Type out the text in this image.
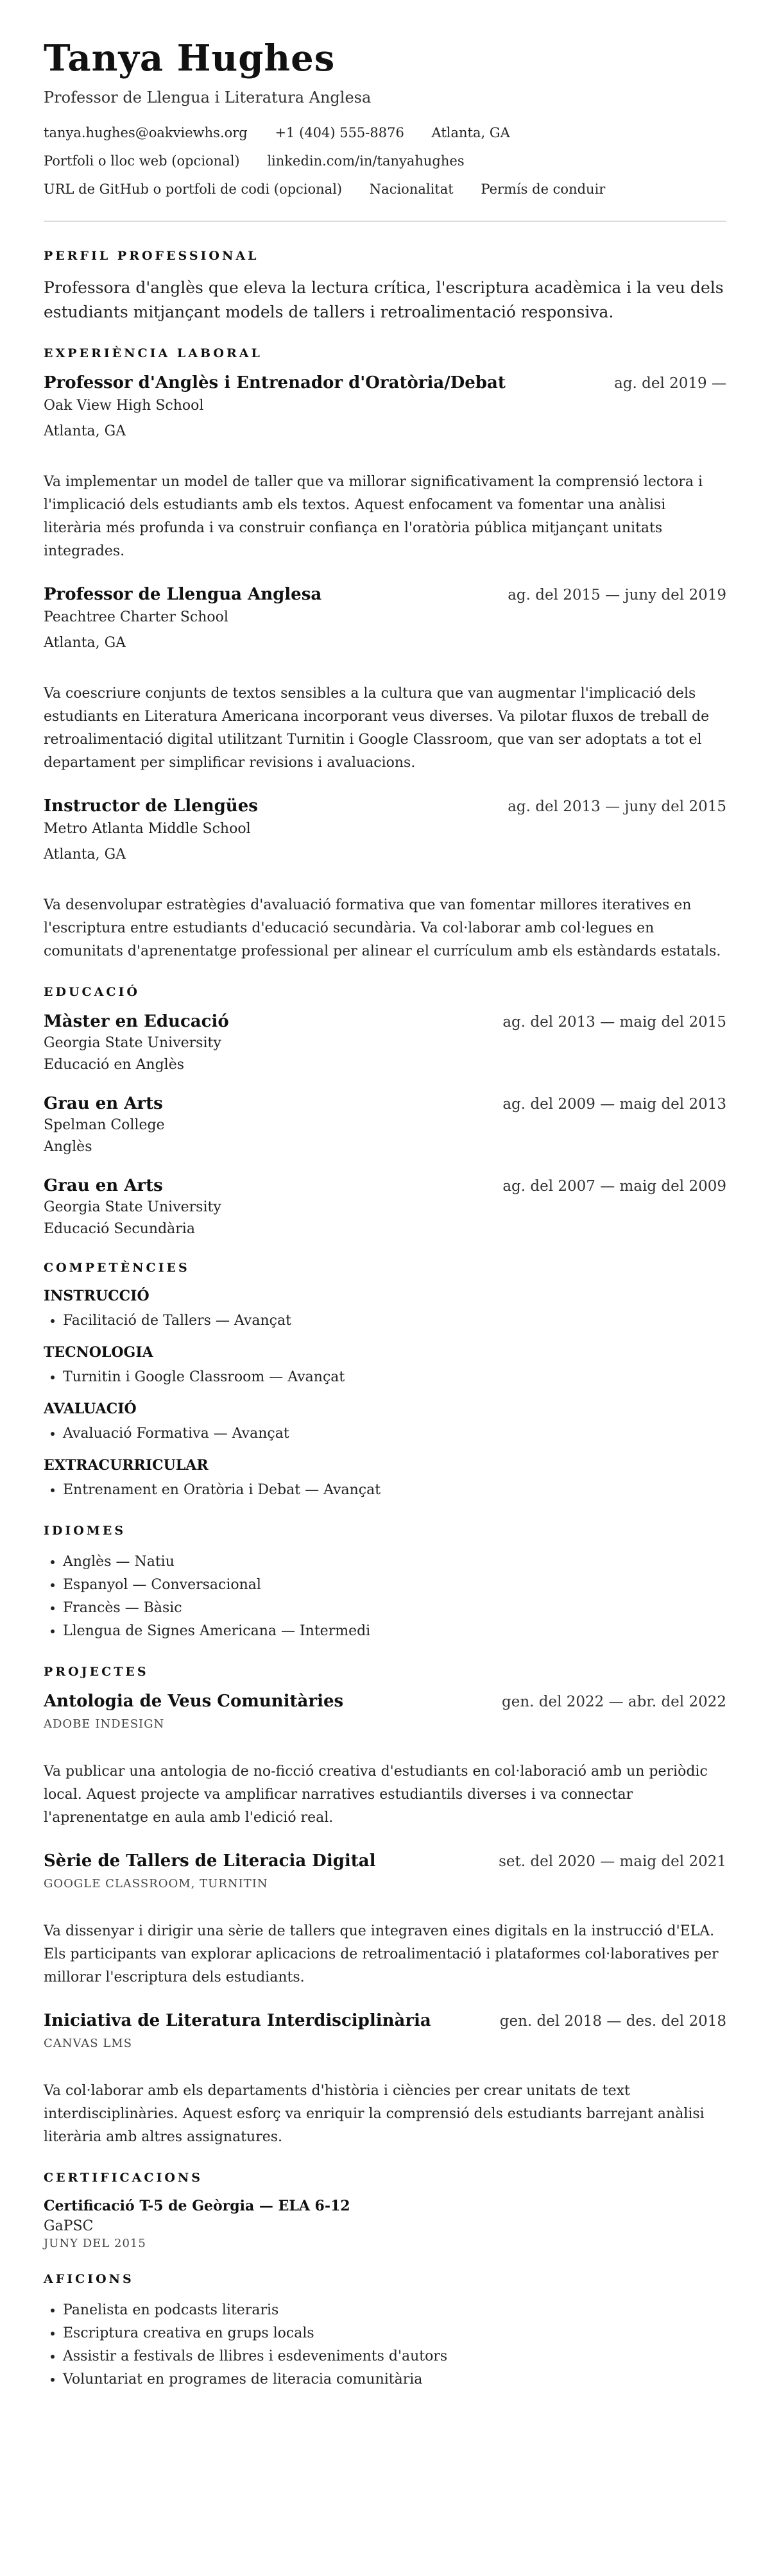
Tanya Hughes
Professor de Llengua i Literatura Anglesa
tanya.hughes@oakviewhs.org +1 (404) 555-8876 Atlanta, GA
Portfoli o lloc web (opcional) linkedin.com/in/tanyahughes
URL de GitHub o portfoli de codi (opcional) Nacionalitat Permís de conduir
PERFIL PROFESSIONAL

Professora d'anglès que eleva la lectura crítica, l'escriptura acadèmica i la veu dels estudiants mitjançant models de tallers i retroalimentació responsiva.

EXPERIÈNCIA LABORAL
Professor d'Anglès i Entrenador d'Oratòria/Debat	ag. del 2019 —
Oak View High School
Atlanta, GA
Va implementar un model de taller que va millorar significativament la comprensió lectora i l'implicació dels estudiants amb els textos. Aquest enfocament va fomentar una anàlisi literària més profunda i va construir confiança en l'oratòria pública mitjançant unitats integrades.
Professor de Llengua Anglesa	ag. del 2015 — juny del 2019
Peachtree Charter School
Atlanta, GA
Va coescriure conjunts de textos sensibles a la cultura que van augmentar l'implicació dels estudiants en Literatura Americana incorporant veus diverses. Va pilotar fluxos de treball de retroalimentació digital utilitzant Turnitin i Google Classroom, que van ser adoptats a tot el departament per simplificar revisions i avaluacions.
Instructor de Llengües	ag. del 2013 — juny del 2015
Metro Atlanta Middle School
Atlanta, GA
Va desenvolupar estratègies d'avaluació formativa que van fomentar millores iteratives en l'escriptura entre estudiants d'educació secundària. Va col·laborar amb col·legues en comunitats d'aprenentatge professional per alinear el currículum amb els estàndards estatals.
EDUCACIÓ
Màster en Educació	ag. del 2013 — maig del 2015
Georgia State University
Educació en Anglès
Grau en Arts	ag. del 2009 — maig del 2013
Spelman College
Anglès
Grau en Arts	ag. del 2007 — maig del 2009
Georgia State University
Educació Secundària
COMPETÈNCIES
INSTRUCCIÓ
• Facilitació de Tallers — Avançat
TECNOLOGIA
• Turnitin i Google Classroom — Avançat
AVALUACIÓ
• Avaluació Formativa — Avançat
EXTRACURRICULAR
• Entrenament en Oratòria i Debat — Avançat
IDIOMES
• Anglès — Natiu
• Espanyol — Conversacional
• Francès — Bàsic
• Llengua de Signes Americana — Intermedi
PROJECTES
Antologia de Veus Comunitàries	gen. del 2022 — abr. del 2022
ADOBE INDESIGN
Va publicar una antologia de no-ficció creativa d'estudiants en col·laboració amb un periòdic local. Aquest projecte va amplificar narratives estudiantils diverses i va connectar l'aprenentatge en aula amb l'edició real.
Sèrie de Tallers de Literacia Digital	set. del 2020 — maig del 2021
GOOGLE CLASSROOM, TURNITIN
Va dissenyar i dirigir una sèrie de tallers que integraven eines digitals en la instrucció d'ELA. Els participants van explorar aplicacions de retroalimentació i plataformes col·laboratives per millorar l'escriptura dels estudiants.
Iniciativa de Literatura Interdisciplinària	gen. del 2018 — des. del 2018
CANVAS LMS
Va col·laborar amb els departaments d'història i ciències per crear unitats de text interdisciplinàries. Aquest esforç va enriquir la comprensió dels estudiants barrejant anàlisi literària amb altres assignatures.
CERTIFICACIONS
Certificació T-5 de Geòrgia — ELA 6-12
GaPSC
JUNY DEL 2015
AFICIONS
• Panelista en podcasts literaris
• Escriptura creativa en grups locals
• Assistir a festivals de llibres i esdeveniments d'autors
• Voluntariat en programes de literacia comunitària
